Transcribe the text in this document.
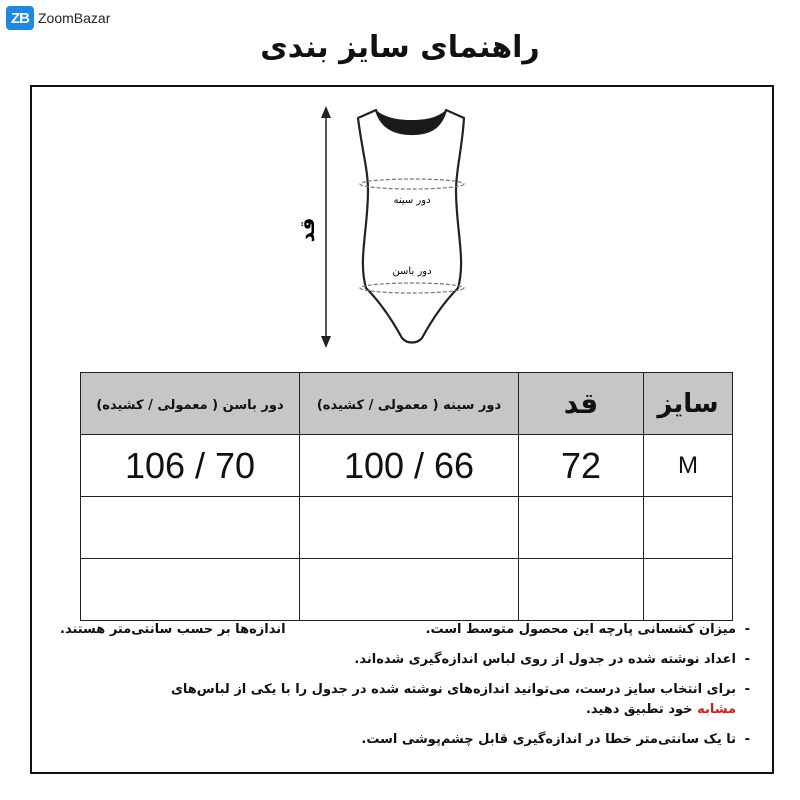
ZB ZoomBazar
راهنمای سایز بندی
قد
دور سینه
دور باسن
سایز	قد	دور سینه ( معمولی / کشیده)	دور باسن ( معمولی / کشیده)
M	72	100 / 66	106 / 70

اندازه‌ها بر حسب سانتی‌متر هستند.	- میزان کشسانی پارچه این محصول متوسط است.
- اعداد نوشته شده در جدول از روی لباس اندازه‌گیری شده‌اند.
- برای انتخاب سایز درست، می‌توانید اندازه‌های نوشته شده در جدول را با یکی از لباس‌های
مشابه خود تطبیق دهید.
- تا یک سانتی‌متر خطا در اندازه‌گیری قابل چشم‌پوشی است.
